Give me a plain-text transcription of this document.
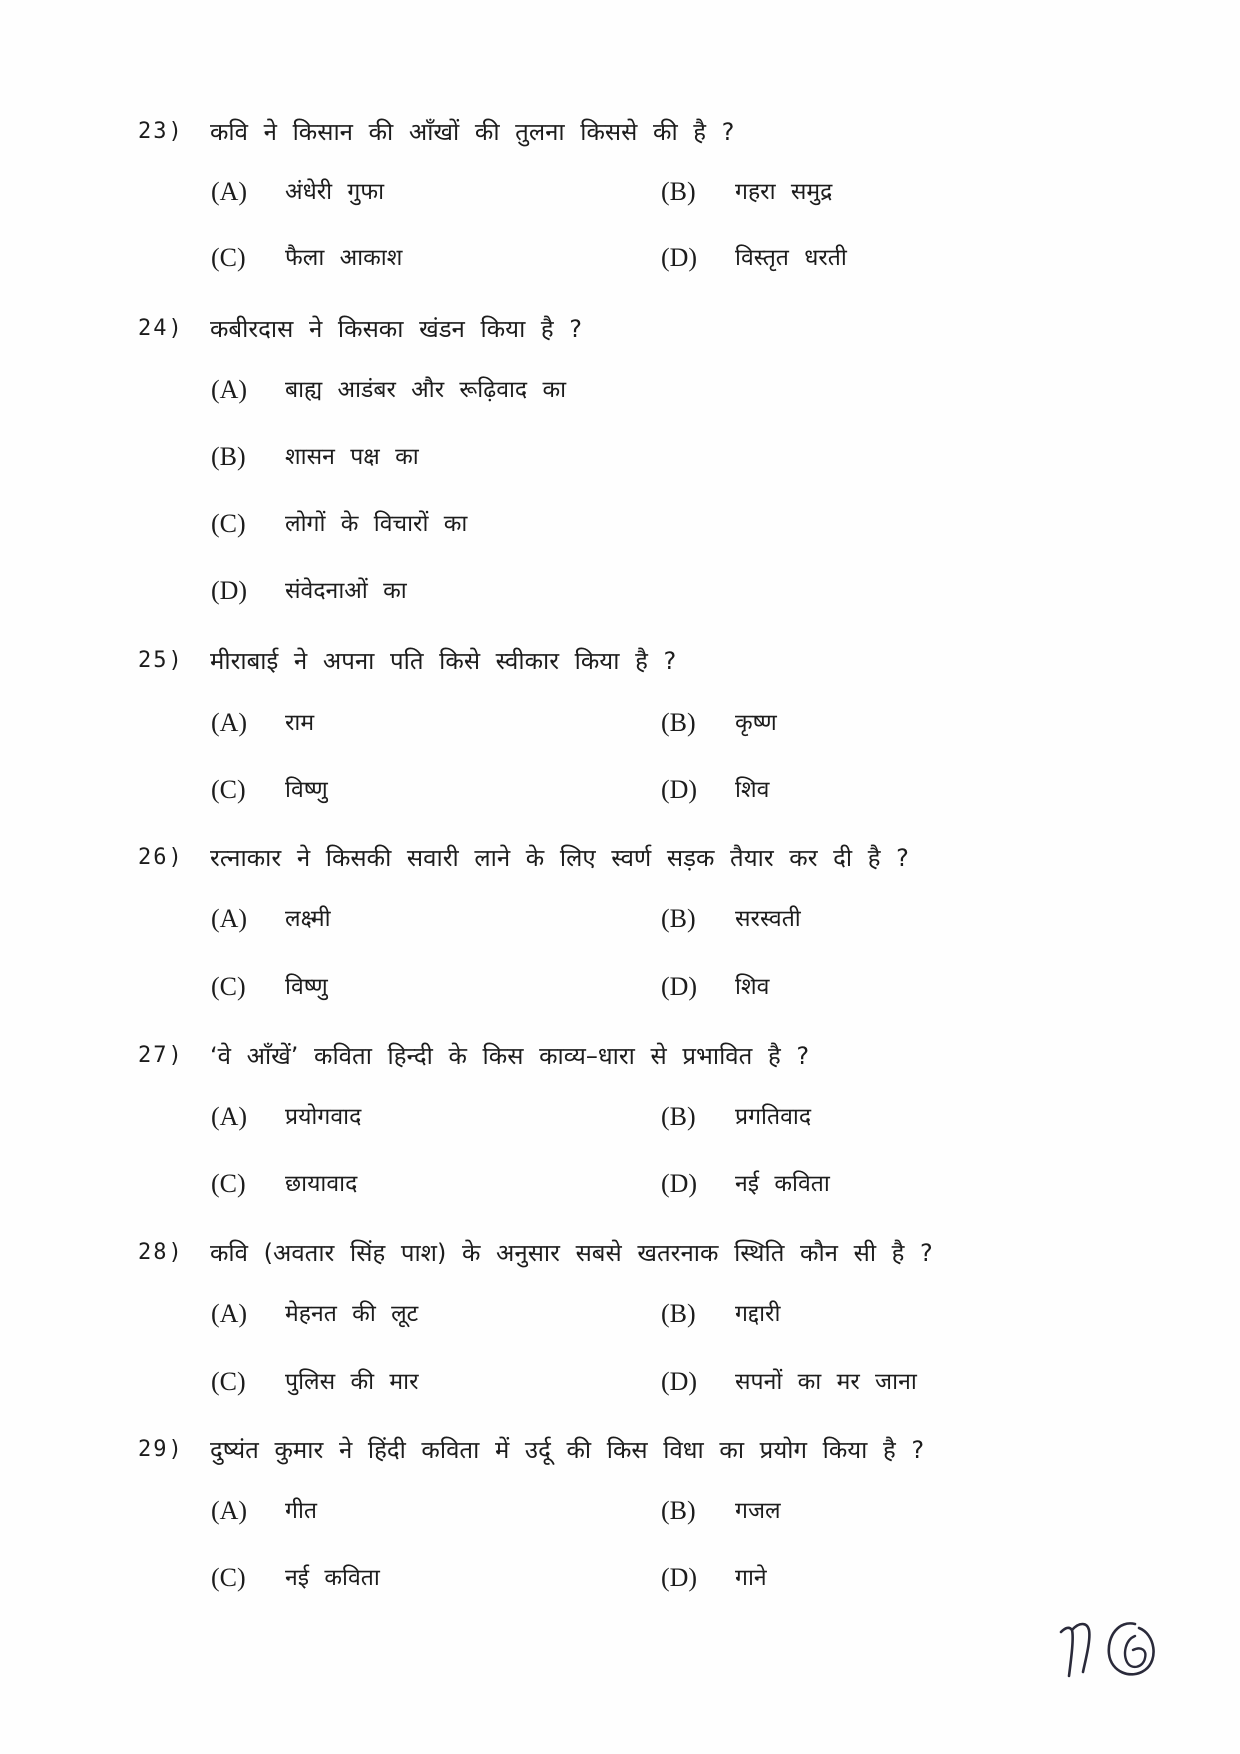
23) कवि ने किसान की आँखों की तुलना किससे की है ?
(A) अंधेरी गुफा	(B) गहरा समुद्र
(C) फैला आकाश	(D) विस्तृत धरती
24) कबीरदास ने किसका खंडन किया है ?
(A) बाह्य आडंबर और रूढ़िवाद का
(B) शासन पक्ष का
(C) लोगों के विचारों का
(D) संवेदनाओं का
25) मीराबाई ने अपना पति किसे स्वीकार किया है ?
(A) राम	(B) कृष्ण
(C) विष्णु	(D) शिव
26) रत्नाकार ने किसकी सवारी लाने के लिए स्वर्ण सड़क तैयार कर दी है ?
(A) लक्ष्मी	(B) सरस्वती
(C) विष्णु	(D) शिव
27) ‘वे आँखें’ कविता हिन्दी के किस काव्य–धारा से प्रभावित है ?
(A) प्रयोगवाद	(B) प्रगतिवाद
(C) छायावाद	(D) नई कविता
28) कवि (अवतार सिंह पाश) के अनुसार सबसे खतरनाक स्थिति कौन सी है ?
(A) मेहनत की लूट	(B) गद्दारी
(C) पुलिस की मार	(D) सपनों का मर जाना
29) दुष्यंत कुमार ने हिंदी कविता में उर्दू की किस विधा का प्रयोग किया है ?
(A) गीत	(B) गजल
(C) नई कविता	(D) गाने
